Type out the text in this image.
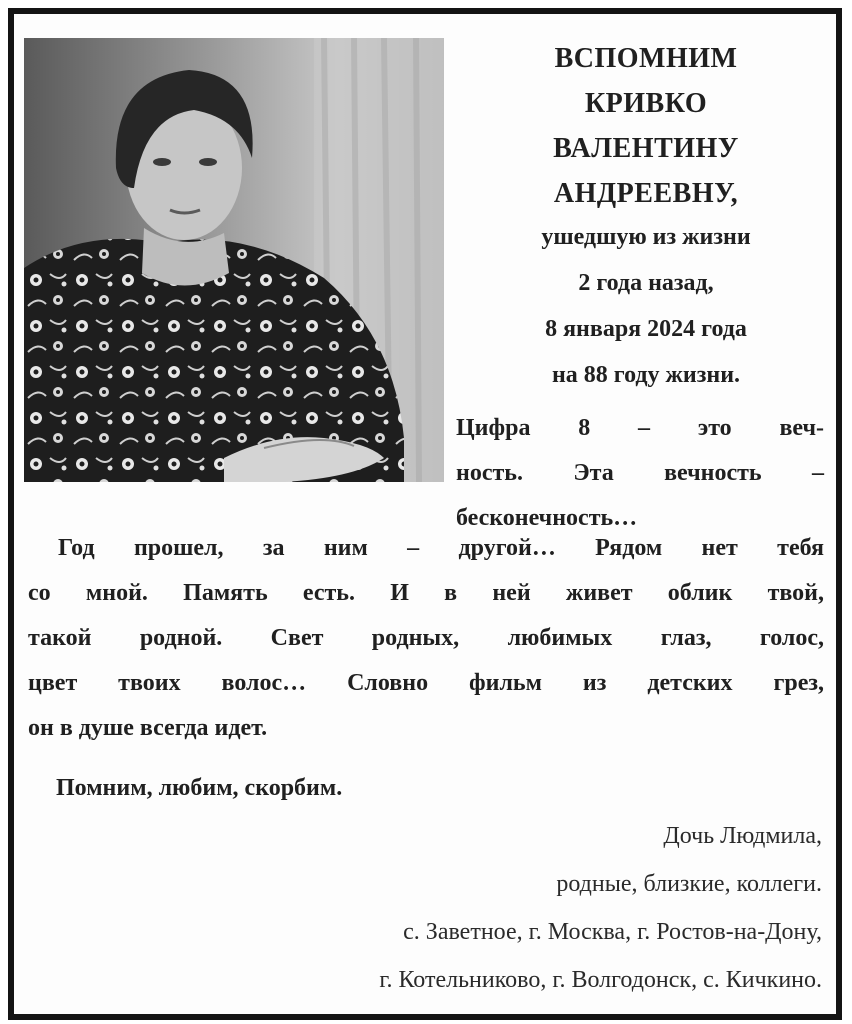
ВСПОМНИМ
КРИВКО
ВАЛЕНТИНУ
АНДРЕЕВНУ,
ушедшую из жизни
2 года назад,
8 января 2024 года
на 88 году жизни.
Цифра 8 – это веч-
ность. Эта вечность –
бесконечность…
Год прошел, за ним – другой… Рядом нет тебя
со мной. Память есть. И в ней живет облик твой,
такой родной. Свет родных, любимых глаз, голос,
цвет твоих волос… Словно фильм из детских грез,
он в душе всегда идет.
Помним, любим, скорбим.
Дочь Людмила,
родные, близкие, коллеги.
с. Заветное, г. Москва, г. Ростов-на-Дону,
г. Котельниково, г. Волгодонск, с. Кичкино.
